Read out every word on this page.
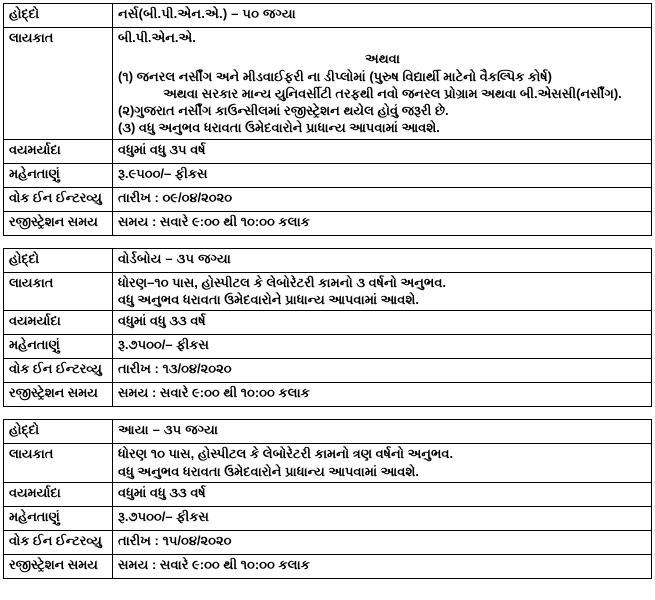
હોદ્દો	નર્સ(બી.પી.એન.એ.) – ૫૦ જગ્યા
લાયકાત	બી.પી.એન.એ.
અથવા
(૧) જનરલ નર્સીંગ અને મીડવાઈફરી ના ડીપ્લોમાં (પુરુષ વિદ્યાર્થી માટેનો વૈકલ્પિક કોર્ષ)
અથવા સરકાર માન્ય યુનિવર્સીટી તરફથી નવો જનરલ પ્રોગ્રામ અથવા બી.એસસી(નર્સીંગ).
(૨)ગુજરાત નર્સીંગ કાઉન્સીલમાં રજીસ્ટ્રેશન થયેલ હોવું જરૂરી છે.
(૩) વધુ અનુભવ ધરાવતા ઉમેદવારોને પ્રાધાન્ય આપવામાં આવશે.

વયમર્યાદા	વધુમાં વધુ ૩૫ વર્ષ
મહેનતાણું	રૂ.૯૫૦૦/– ફીકસ
વોક ઈન ઈન્ટરવ્યુ	તારીખ : ૦૯/૦૪/૨૦૨૦
રજીસ્ટ્રેશન સમય	સમય : સવારે ૯:૦૦ થી ૧૦:૦૦ કલાક
હોદ્દો	વોર્ડબોય – ૩૫ જગ્યા
લાયકાત	ધોરણ–૧૦ પાસ, હોસ્પીટલ કે લેબોરેટરી કામનો ૩ વર્ષનો અનુભવ.
વધુ અનુભવ ધરાવતા ઉમેદવારોને પ્રાધાન્ય આપવામાં આવશે.

વયમર્યાદા	વધુમાં વધુ ૩૩ વર્ષ
મહેનતાણું	રૂ.૭૫૦૦/– ફીકસ
વોક ઈન ઈન્ટરવ્યુ	તારીખ : ૧૩/૦૪/૨૦૨૦
રજીસ્ટ્રેશન સમય	સમય : સવારે ૯:૦૦ થી ૧૦:૦૦ કલાક
હોદ્દો	આયા – ૩૫ જગ્યા
લાયકાત	ધોરણ ૧૦ પાસ, હોસ્પીટલ કે લેબોરેટરી કામનો ત્રણ વર્ષનો અનુભવ.
વધુ અનુભવ ધરાવતા ઉમેદવારોને પ્રાધાન્ય આપવામાં આવશે.

વયમર્યાદા	વધુમાં વધુ ૩૩ વર્ષ
મહેનતાણું	રૂ.૭૫૦૦/– ફીકસ
વોક ઈન ઈન્ટરવ્યુ	તારીખ : ૧૫/૦૪/૨૦૨૦
રજીસ્ટ્રેશન સમય	સમય : સવારે ૯:૦૦ થી ૧૦:૦૦ કલાક
